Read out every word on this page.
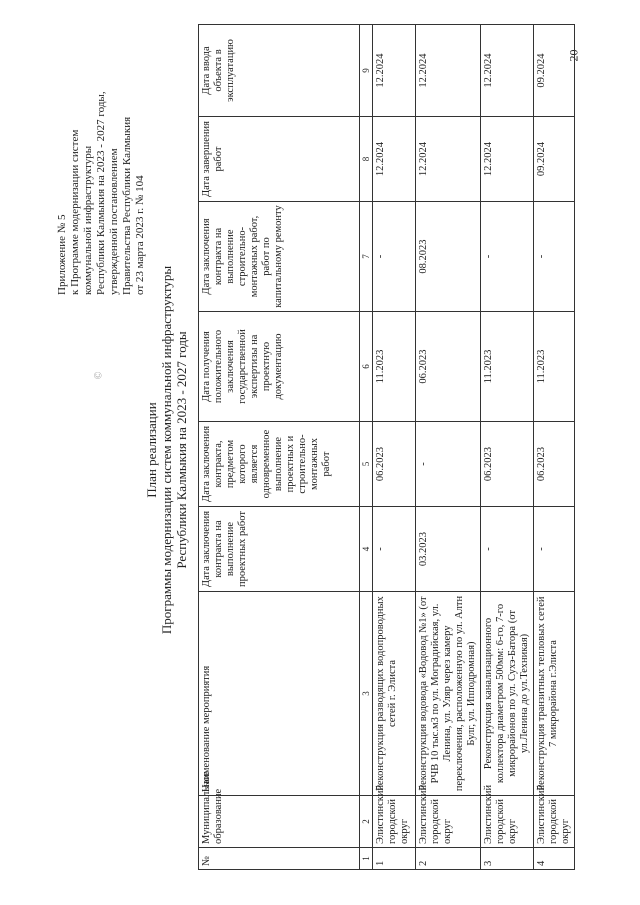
20
©
Приложение № 5 к Программе модернизации систем коммунальной инфраструктуры Республики Калмыкия на 2023 - 2027 годы, утвержденной постановлением Правительства Республики Калмыкия от 23 марта 2023 г. № 104
План реализации Программы модернизации систем коммунальной инфраструктуры Республики Калмыкия на 2023 - 2027 годы
№	Муниципальное образование	Наименование мероприятия	Дата заключения контракта на выполнение проектных работ	Дата заключения контракта, предметом которого является одновременное выполнение проектных и строительно-монтажных работ	Дата получения положительного заключения государственной экспертизы на проектную документацию	Дата заключения контракта на выполнение строительно-монтажных работ, работ по капитальному ремонту	Дата завершения работ	Дата ввода объекта в эксплуатацию
1	2	3	4	5	6	7	8	9
1	Элистинский городской округ	Реконструкция разводящих водопроводных сетей г. Элиста	-	06.2023	11.2023	-	12.2024	12.2024
2	Элистинский городской округ	Реконструкция водовода «Водовод №1» (от РЧВ 10 тыс.м3 по ул. Моградийская, ул. Ленина, ул. Уляр через камеру переключения, расположенную по ул. Алтн Булг, ул. Ипподромная)	03.2023	-	06.2023	08.2023	12.2024	12.2024
3	Элистинский городской округ	Реконструкция канализационного коллектора диаметром 500мм: 6-го, 7-го микрорайонов по ул. Сухэ-Батора (от ул.Ленина до ул.Техникая)	-	06.2023	11.2023	-	12.2024	12.2024
4	Элистинский городской округ	Реконструкция транзитных тепловых сетей 7 микрорайона г.Элиста	-	06.2023	11.2023	-	09.2024	09.2024
